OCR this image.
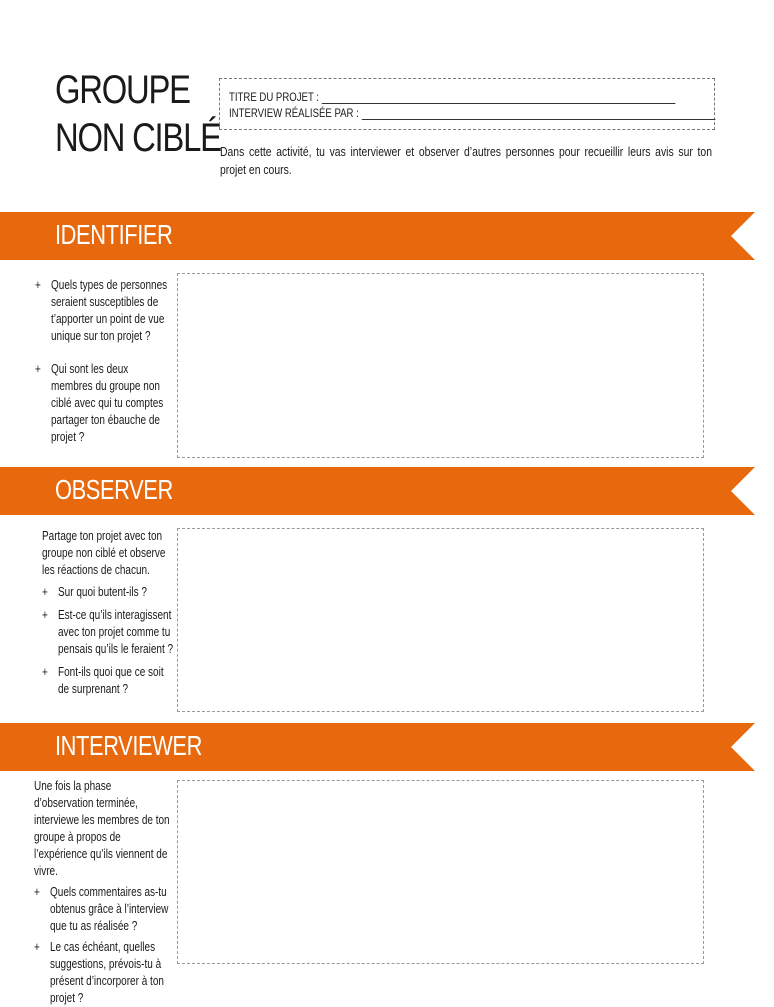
GROUPE
NON CIBLÉ
TITRE DU PROJET :
INTERVIEW RÉALISÉE PAR :
Dans cette activité, tu vas interviewer et observer d’autres personnes pour recueillir leurs avis sur ton projet en cours.
IDENTIFIER
+ Quels types de personnes seraient susceptibles de t’apporter un point de vue unique sur ton projet ?
+ Qui sont les deux membres du groupe non ciblé avec qui tu comptes partager ton ébauche de projet ?
OBSERVER

Partage ton projet avec ton groupe non ciblé et observe les réactions de chacun.

+ Sur quoi butent-ils ?
+ Est-ce qu’ils interagissent avec ton projet comme tu pensais qu’ils le feraient ?
+ Font-ils quoi que ce soit de surprenant ?
INTERVIEWER

Une fois la phase d’observation terminée, interviewe les membres de ton groupe à propos de l’expérience qu’ils viennent de vivre.

+ Quels commentaires as-tu obtenus grâce à l’interview que tu as réalisée ?
+ Le cas échéant, quelles suggestions, prévois-tu à présent d’incorporer à ton projet ?
